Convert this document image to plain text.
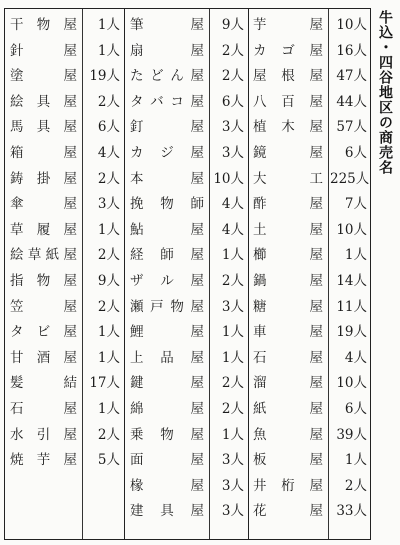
干 物 屋	1人
針	屋	1人
塗	屋 19人
絵 具 屋	2人
馬 具 屋	6人
箱	屋	4人
鋳 掛 屋	2人
傘	屋	3人
草 履 屋	1人
絵 草 紙 屋	2人
指 物 屋	9人
笠	屋	2人
タ ビ 屋	1人
甘 酒 屋	1人
髪	結 17人
石	屋	1人
水 引 屋	2人
焼 芋 屋	5人
筆	屋	9人
扇	屋	2人
た ど ん 屋	2人
タ バ コ 屋	6人
釘	屋	3人
カ ジ 屋	3人
本	屋 10人
挽 物 師	4人
鮎	屋	4人
経 師 屋	1人
ザ ル 屋	2人
瀬 戸 物 屋	3人
鯉	屋	1人
上 品 屋	1人
鍵	屋	2人
綿	屋	2人
乗 物 屋	1人
面	屋	3人
椽	屋	3人
建 具 屋	3人
芋	屋 10人
カ ゴ 屋 16人
屋 根 屋 47人
八 百 屋 44人
植 木 屋 57人
鏡	屋	6人
大	工 225人
酢	屋	7人
土	屋 10人
櫛	屋	1人
鍋	屋 14人
糖	屋 11人
車	屋 19人
石	屋	4人
溜	屋 10人
紙	屋	6人
魚	屋 39人
板	屋	1人
井 桁 屋	2人
花	屋 33人
牛込・四谷地区の商売名
